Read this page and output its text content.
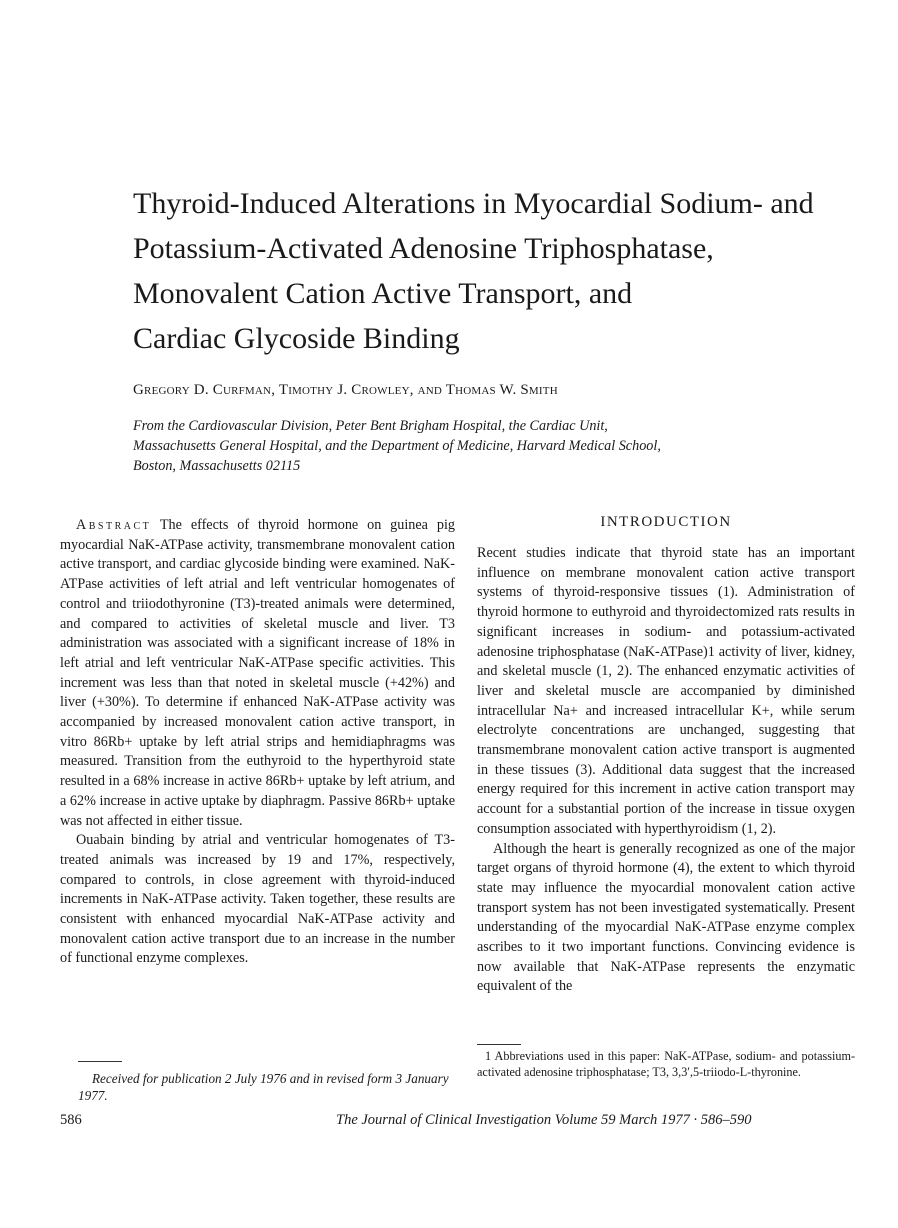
Thyroid-Induced Alterations in Myocardial Sodium- and
Potassium-Activated Adenosine Triphosphatase,
Monovalent Cation Active Transport, and
Cardiac Glycoside Binding
Gregory D. Curfman, Timothy J. Crowley, and Thomas W. Smith
From the Cardiovascular Division, Peter Bent Brigham Hospital, the Cardiac Unit,
Massachusetts General Hospital, and the Department of Medicine, Harvard Medical School,
Boston, Massachusetts 02115

Abstract The effects of thyroid hormone on guinea pig myocardial NaK-ATPase activity, transmembrane monovalent cation active transport, and cardiac glycoside binding were examined. NaK-ATPase activities of left atrial and left ventricular homogenates of control and triiodothyronine (T3)-treated animals were determined, and compared to activities of skeletal muscle and liver. T3 administration was associated with a significant increase of 18% in left atrial and left ventricular NaK-ATPase specific activities. This increment was less than that noted in skeletal muscle (+42%) and liver (+30%). To determine if enhanced NaK-ATPase activity was accompanied by increased monovalent cation active transport, in vitro 86Rb+ uptake by left atrial strips and hemidiaphragms was measured. Transition from the euthyroid to the hyperthyroid state resulted in a 68% increase in active 86Rb+ uptake by left atrium, and a 62% increase in active uptake by diaphragm. Passive 86Rb+ uptake was not affected in either tissue.

Ouabain binding by atrial and ventricular homogenates of T3-treated animals was increased by 19 and 17%, respectively, compared to controls, in close agreement with thyroid-induced increments in NaK-ATPase activity. Taken together, these results are consistent with enhanced myocardial NaK-ATPase activity and monovalent cation active transport due to an increase in the number of functional enzyme complexes.

INTRODUCTION

Recent studies indicate that thyroid state has an important influence on membrane monovalent cation active transport systems of thyroid-responsive tissues (1). Administration of thyroid hormone to euthyroid and thyroidectomized rats results in significant increases in sodium- and potassium-activated adenosine triphosphatase (NaK-ATPase)1 activity of liver, kidney, and skeletal muscle (1, 2). The enhanced enzymatic activities of liver and skeletal muscle are accompanied by diminished intracellular Na+ and increased intracellular K+, while serum electrolyte concentrations are unchanged, suggesting that transmembrane monovalent cation active transport is augmented in these tissues (3). Additional data suggest that the increased energy required for this increment in active cation transport may account for a substantial portion of the increase in tissue oxygen consumption associated with hyperthyroidism (1, 2).

Although the heart is generally recognized as one of the major target organs of thyroid hormone (4), the extent to which thyroid state may influence the myocardial monovalent cation active transport system has not been investigated systematically. Present understanding of the myocardial NaK-ATPase enzyme complex ascribes to it two important functions. Convincing evidence is now available that NaK-ATPase represents the enzymatic equivalent of the

Received for publication 2 July 1976 and in revised form 3 January 1977.
1 Abbreviations used in this paper: NaK-ATPase, sodium- and potassium-activated adenosine triphosphatase; T3, 3,3′,5-triiodo-L-thyronine.
586	The Journal of Clinical Investigation Volume 59 March 1977 · 586–590
